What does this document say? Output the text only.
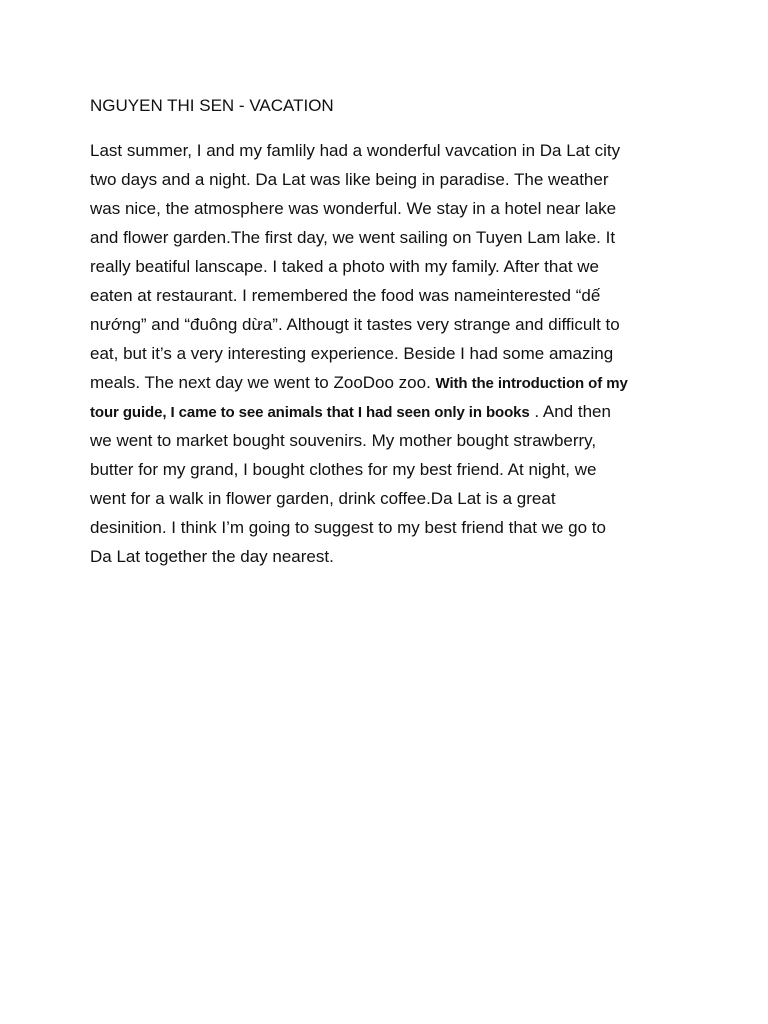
NGUYEN THI SEN - VACATION

Last summer, I and my famlily had a wonderful vavcation in Da Lat city
two days and a night. Da Lat was like being in paradise. The weather
was nice, the atmosphere was wonderful. We stay in a hotel near lake
and flower garden.The first day, we went sailing on Tuyen Lam lake. It
really beatiful lanscape. I taked a photo with my family. After that we
eaten at restaurant. I remembered the food was nameinterested “dế
nướng” and “đuông dừa”. Althougt it tastes very strange and difficult to
eat, but it’s a very interesting experience. Beside I had some amazing
meals. The next day we went to ZooDoo zoo. With the introduction of my
tour guide, I came to see animals that I had seen only in books . And then
we went to market bought souvenirs. My mother bought strawberry,
butter for my grand, I bought clothes for my best friend. At night, we
went for a walk in flower garden, drink coffee.Da Lat is a great
desinition. I think I’m going to suggest to my best friend that we go to
Da Lat together the day nearest.
